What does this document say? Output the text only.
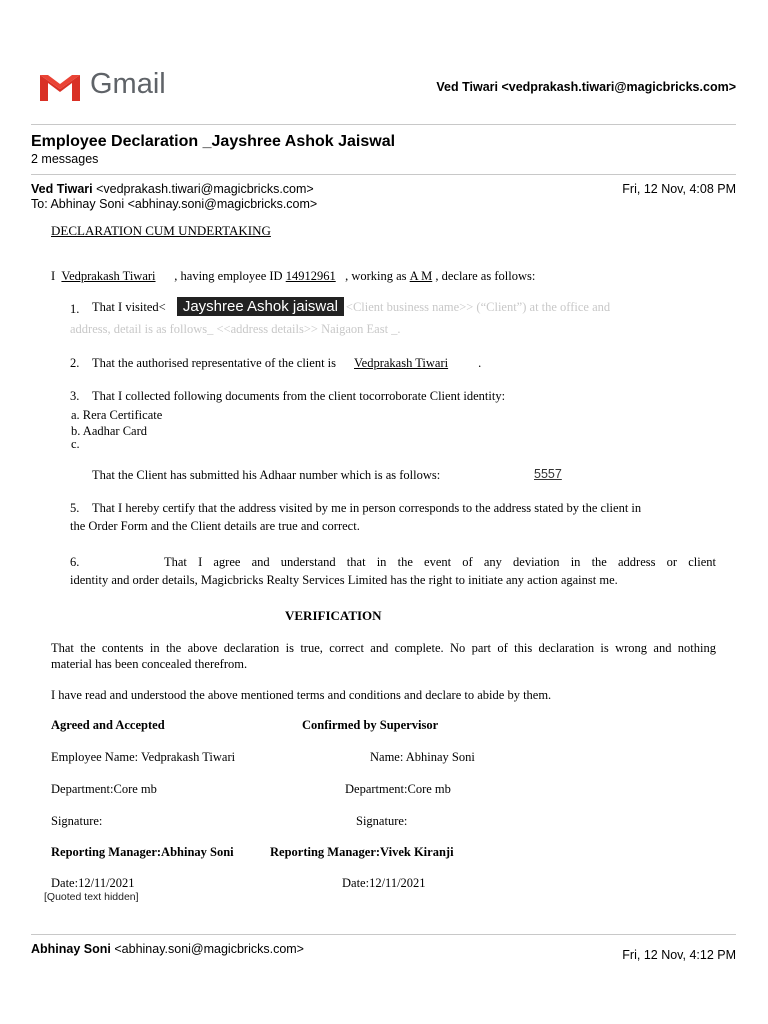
Gmail	Ved Tiwari <vedprakash.tiwari@magicbricks.com>
Employee Declaration _Jayshree Ashok Jaiswal
2 messages
Ved Tiwari <vedprakash.tiwari@magicbricks.com>	Fri, 12 Nov, 4:08 PM
To: Abhinay Soni <abhinay.soni@magicbricks.com>
DECLARATION CUM UNDERTAKING
I Vedprakash Tiwari , having employee ID 14912961 , working as A M , declare as follows:
1. That I visited< Jayshree Ashok jaiswal <Client business name>> (“Client”) at the office and
address, detail is as follows_ <<address details>> Naigaon East _.
2. That the authorised representative of the client is Vedprakash Tiwari .
3. That I collected following documents from the client tocorroborate Client identity:
a. Rera Certificate
b. Aadhar Card
c.
That the Client has submitted his Adhaar number which is as follows:	5557
5. That I hereby certify that the address visited by me in person corresponds to the address stated by the client in
the Order Form and the Client details are true and correct.
6.	That I agree and understand that in the event of any deviation in the address or client
identity and order details, Magicbricks Realty Services Limited has the right to initiate any action against me.
VERIFICATION
That the contents in the above declaration is true, correct and complete. No part of this declaration is wrong and nothing
material has been concealed therefrom.
I have read and understood the above mentioned terms and conditions and declare to abide by them.
Agreed and Accepted	Confirmed by Supervisor
Employee Name: Vedprakash Tiwari	Name: Abhinay Soni
Department:Core mb	Department:Core mb
Signature:	Signature:
Reporting Manager:Abhinay Soni	Reporting Manager:Vivek Kiranji
Date:12/11/2021	Date:12/11/2021
[Quoted text hidden]
Abhinay Soni <abhinay.soni@magicbricks.com>	Fri, 12 Nov, 4:12 PM
